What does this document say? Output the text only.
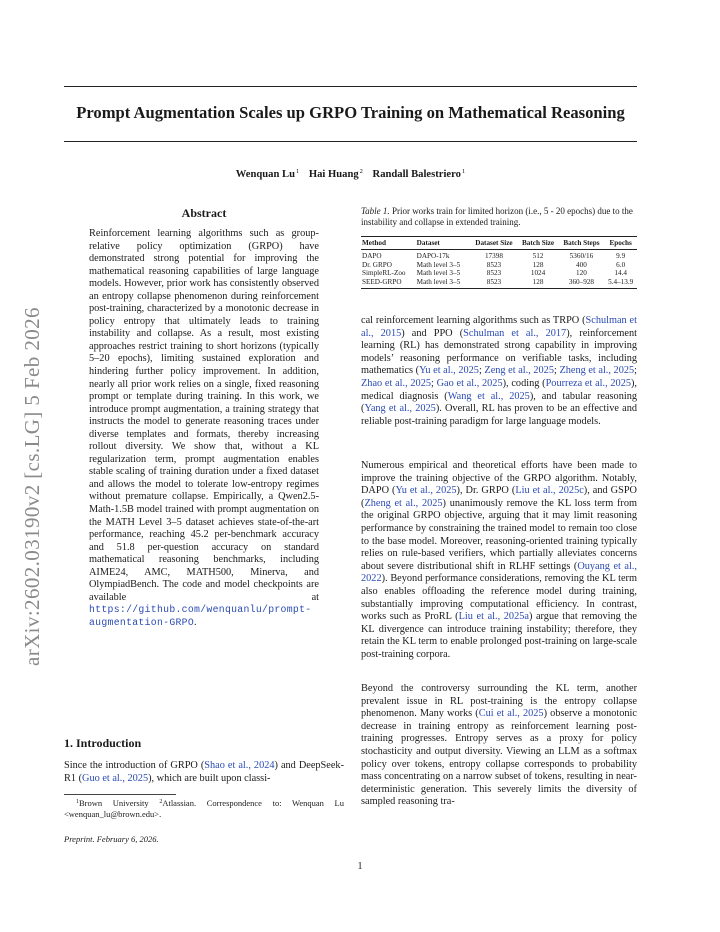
arXiv:2602.03190v2 [cs.LG] 5 Feb 2026
Prompt Augmentation Scales up GRPO Training on Mathematical Reasoning
Wenquan Lu$^1$ Hai Huang$^2$ Randall Balestriero$^1$
Abstract

Reinforcement learning algorithms such as group-relative policy optimization (GRPO) have demonstrated strong potential for improving the mathematical reasoning capabilities of large language models. However, prior work has consistently observed an entropy collapse phenomenon during reinforcement post-training, characterized by a monotonic decrease in policy entropy that ultimately leads to training instability and collapse. As a result, most existing approaches restrict training to short horizons (typically 5–20 epochs), limiting sustained exploration and hindering further policy improvement. In addition, nearly all prior work relies on a single, fixed reasoning prompt or template during training. In this work, we introduce prompt augmentation, a training strategy that instructs the model to generate reasoning traces under diverse templates and formats, thereby increasing rollout diversity. We show that, without a KL regularization term, prompt augmentation enables stable scaling of training duration under a fixed dataset and allows the model to tolerate low-entropy regimes without premature collapse. Empirically, a Qwen2.5-Math-1.5B model trained with prompt augmentation on the MATH Level 3–5 dataset achieves state-of-the-art performance, reaching 45.2 per-benchmark accuracy and 51.8 per-question accuracy on standard mathematical reasoning benchmarks, including AIME24, AMC, MATH500, Minerva, and OlympiadBench. The code and model checkpoints are available at https://github.com/wenquanlu/prompt-augmentation-GRPO.

1. Introduction

Since the introduction of GRPO (Shao et al., 2024) and DeepSeek-R1 (Guo et al., 2025), which are built upon classi-

$^1$Brown University $^2$Atlassian. Correspondence to: Wenquan Lu <wenquan_lu@brown.edu>.

Preprint. February 6, 2026.

Table 1. Prior works train for limited horizon (i.e., 5 - 20 epochs) due to the instability and collapse in extended training.

Method	Dataset	Dataset Size	Batch Size	Batch Steps	Epochs
DAPO	DAPO-17k	17398	512	5360/16	9.9
Dr. GRPO	Math level 3–5	8523	128	400	6.0
SimpleRL-Zoo	Math level 3–5	8523	1024	120	14.4
SEED-GRPO	Math level 3–5	8523	128	360–928	5.4–13.9

cal reinforcement learning algorithms such as TRPO (Schulman et al., 2015) and PPO (Schulman et al., 2017), reinforcement learning (RL) has demonstrated strong capability in improving models’ reasoning performance on verifiable tasks, including mathematics (Yu et al., 2025; Zeng et al., 2025; Zheng et al., 2025; Zhao et al., 2025; Gao et al., 2025), coding (Pourreza et al., 2025), medical diagnosis (Wang et al., 2025), and tabular reasoning (Yang et al., 2025). Overall, RL has proven to be an effective and reliable post-training paradigm for large language models.

Numerous empirical and theoretical efforts have been made to improve the training objective of the GRPO algorithm. Notably, DAPO (Yu et al., 2025), Dr. GRPO (Liu et al., 2025c), and GSPO (Zheng et al., 2025) unanimously remove the KL loss term from the original GRPO objective, arguing that it may limit reasoning performance by constraining the trained model to remain too close to the base model. Moreover, reasoning-oriented training typically relies on rule-based verifiers, which partially alleviates concerns about severe distributional shift in RLHF settings (Ouyang et al., 2022). Beyond performance considerations, removing the KL term also enables offloading the reference model during training, substantially improving computational efficiency. In contrast, works such as ProRL (Liu et al., 2025a) argue that removing the KL divergence can introduce training instability; therefore, they retain the KL term to enable prolonged post-training on large-scale post-training corpora.

Beyond the controversy surrounding the KL term, another prevalent issue in RL post-training is the entropy collapse phenomenon. Many works (Cui et al., 2025) observe a monotonic decrease in training entropy as reinforcement learning post-training progresses. Entropy serves as a proxy for policy stochasticity and output diversity. Viewing an LLM as a softmax policy over tokens, entropy collapse corresponds to probability mass concentrating on a narrow subset of tokens, resulting in near-deterministic generation. This severely limits the diversity of sampled reasoning tra-

1
